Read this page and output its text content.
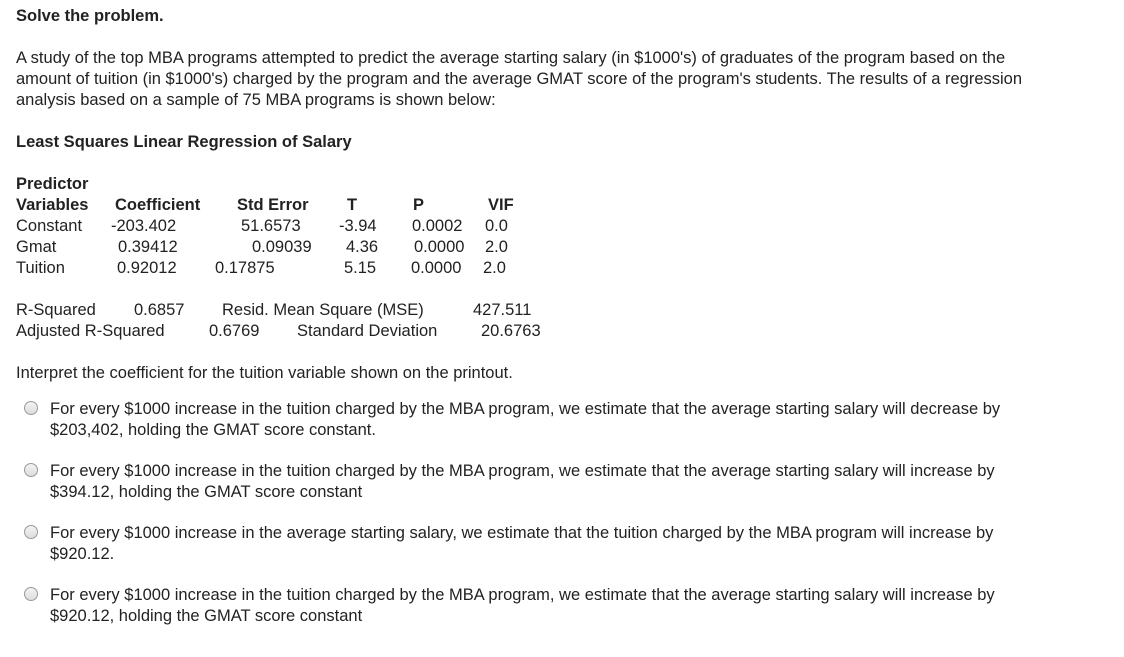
Solve the problem.
A study of the top MBA programs attempted to predict the average starting salary (in $1000's) of graduates of the program based on the
amount of tuition (in $1000's) charged by the program and the average GMAT score of the program's students. The results of a regression
analysis based on a sample of 75 MBA programs is shown below:
Least Squares Linear Regression of Salary
Predictor
Variables Coefficient Std Error T	P	VIF
Constant -203.402	51.6573 -3.94 0.0002 0.0
Gmat	0.39412	0.09039 4.36 0.0000 2.0
Tuition	0.92012 0.17875	5.15 0.0000 2.0
R-Squared 0.6857 Resid. Mean Square (MSE)	427.511
Adjusted R-Squared	0.6769 Standard Deviation	20.6763
Interpret the coefficient for the tuition variable shown on the printout.
For every $1000 increase in the tuition charged by the MBA program, we estimate that the average starting salary will decrease by
$203,402, holding the GMAT score constant.
For every $1000 increase in the tuition charged by the MBA program, we estimate that the average starting salary will increase by
$394.12, holding the GMAT score constant
For every $1000 increase in the average starting salary, we estimate that the tuition charged by the MBA program will increase by
$920.12.
For every $1000 increase in the tuition charged by the MBA program, we estimate that the average starting salary will increase by
$920.12, holding the GMAT score constant
